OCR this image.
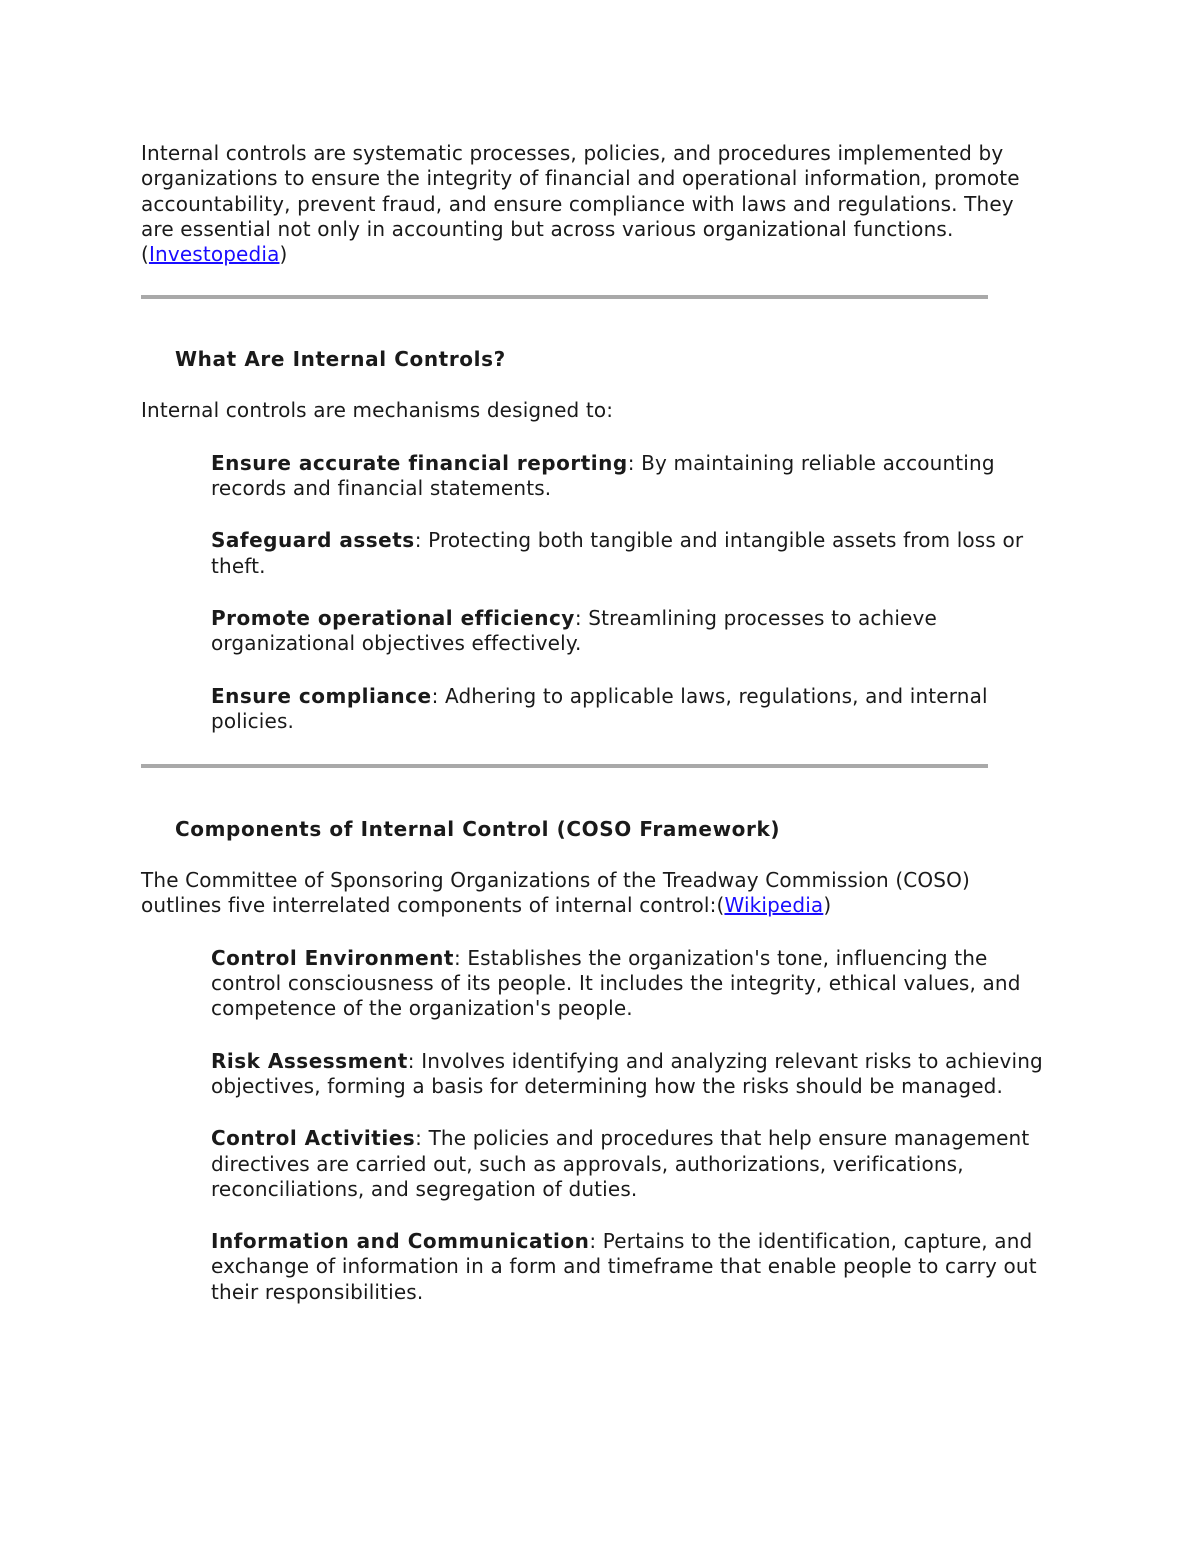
Internal controls are systematic processes, policies, and procedures implemented by organizations to ensure the integrity of financial and operational information, promote accountability, prevent fraud, and ensure compliance with laws and regulations. They are essential not only in accounting but across various organizational functions.(Investopedia)

What Are Internal Controls?

Internal controls are mechanisms designed to:

Ensure accurate financial reporting: By maintaining reliable accounting records and financial statements.

Safeguard assets: Protecting both tangible and intangible assets from loss or theft.

Promote operational efficiency: Streamlining processes to achieve organizational objectives effectively.

Ensure compliance: Adhering to applicable laws, regulations, and internal policies.

Components of Internal Control (COSO Framework)

The Committee of Sponsoring Organizations of the Treadway Commission (COSO) outlines five interrelated components of internal control:(Wikipedia)

Control Environment: Establishes the organization's tone, influencing the control consciousness of its people. It includes the integrity, ethical values, and competence of the organization's people.

Risk Assessment: Involves identifying and analyzing relevant risks to achieving objectives, forming a basis for determining how the risks should be managed.

Control Activities: The policies and procedures that help ensure management directives are carried out, such as approvals, authorizations, verifications, reconciliations, and segregation of duties.

Information and Communication: Pertains to the identification, capture, and exchange of information in a form and timeframe that enable people to carry out their responsibilities.
